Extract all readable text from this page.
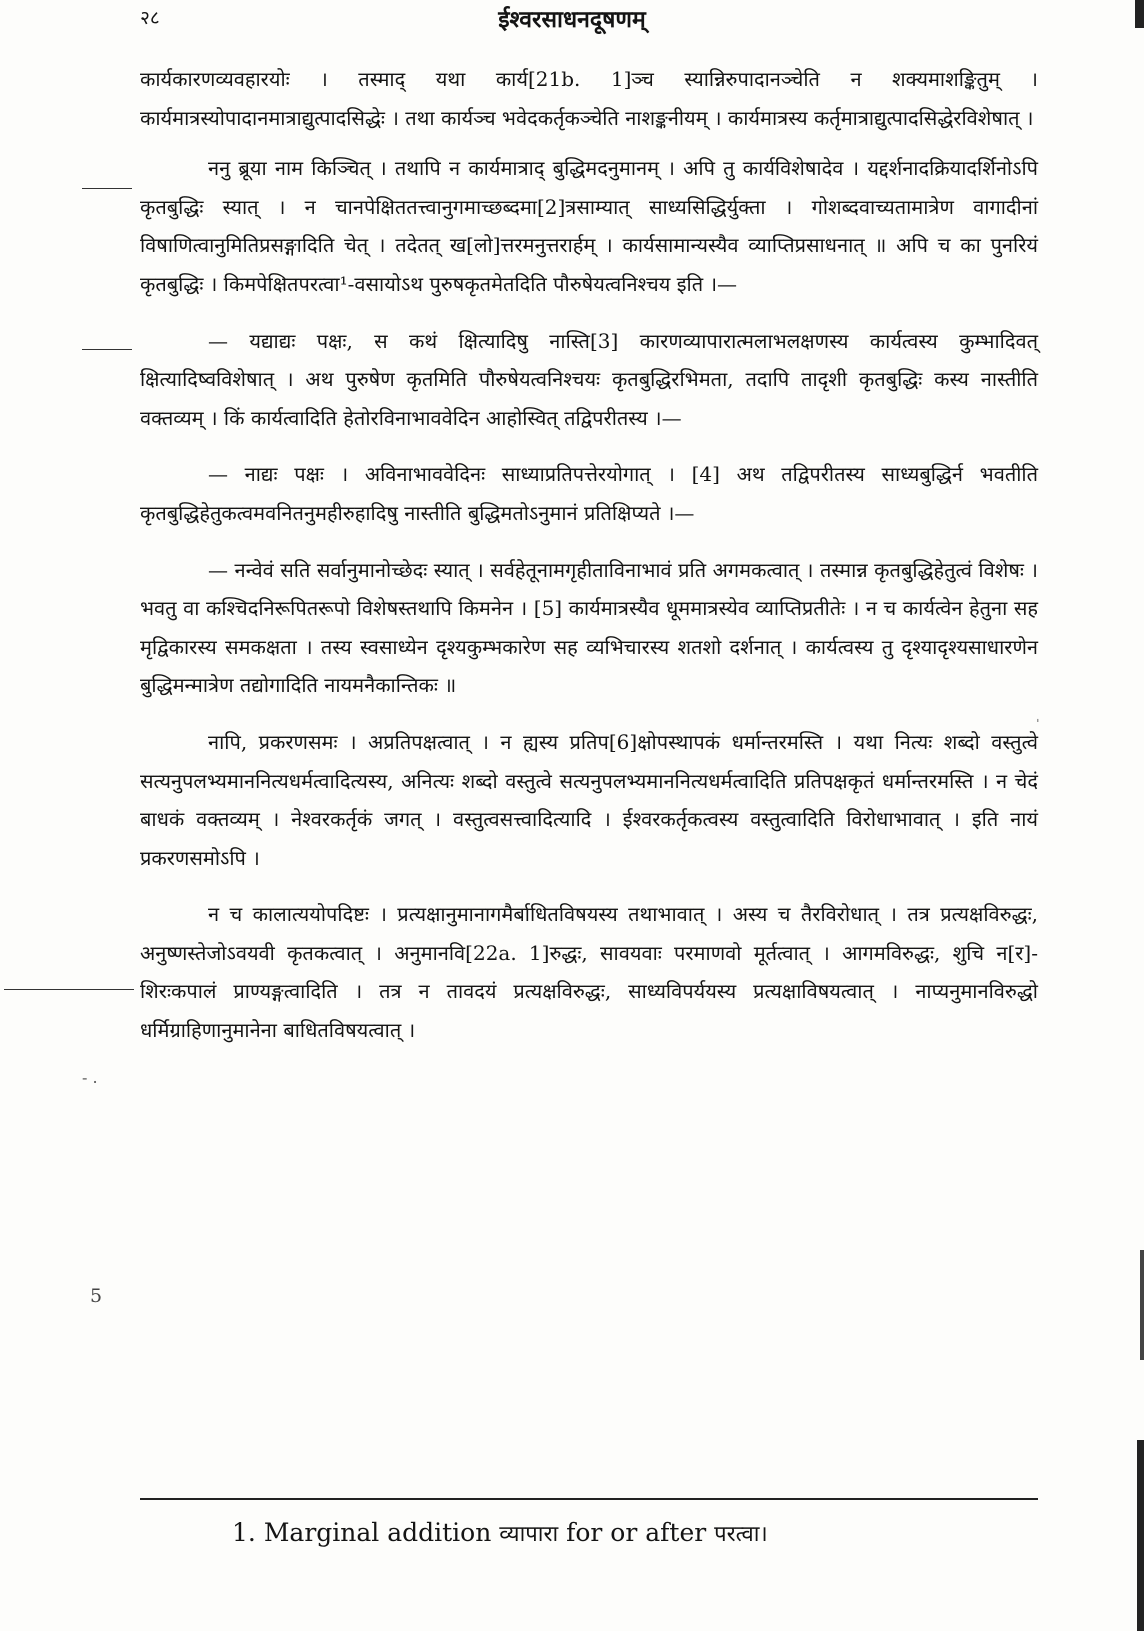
२८	ईश्वरसाधनदूषणम्
- .
5
ˈ

कार्यकारणव्यवहारयोः । तस्माद् यथा कार्य[21b. 1]ञ्च स्यान्निरुपादानञ्चेति न शक्यमाशङ्कितुम् । कार्यमात्रस्योपादानमात्राद्युत्पादसिद्धेः । तथा कार्यञ्च भवेदकर्तृकञ्चेति नाशङ्कनीयम् । कार्यमात्रस्य कर्तृमात्राद्युत्पादसिद्धेरविशेषात् ।

ननु ब्रूया नाम किञ्चित् । तथापि न कार्यमात्राद् बुद्धिमदनुमानम् । अपि तु कार्यविशेषादेव । यद्दर्शनादक्रियादर्शिनोऽपि कृतबुद्धिः स्यात् । न चानपेक्षिततत्त्वानुगमाच्छब्दमा[2]त्रसाम्यात् साध्यसिद्धिर्युक्ता । गोशब्दवाच्यतामात्रेण वागादीनां विषाणित्वानुमितिप्रसङ्गादिति चेत् । तदेतत् ख[लो]त्तरमनुत्तरार्हम् । कार्यसामान्यस्यैव व्याप्तिप्रसाधनात् ॥ अपि च का पुनरियं कृतबुद्धिः । किमपेक्षितपरत्वा¹-वसायोऽथ पुरुषकृतमेतदिति पौरुषेयत्वनिश्चय इति ।—

— यद्याद्यः पक्षः, स कथं क्षित्यादिषु नास्ति[3] कारणव्यापारात्मलाभलक्षणस्य कार्यत्वस्य कुम्भादिवत् क्षित्यादिष्वविशेषात् । अथ पुरुषेण कृतमिति पौरुषेयत्वनिश्चयः कृतबुद्धिरभिमता, तदापि तादृशी कृतबुद्धिः कस्य नास्तीति वक्तव्यम् । किं कार्यत्वादिति हेतोरविनाभाववेदिन आहोस्वित् तद्विपरीतस्य ।—

— नाद्यः पक्षः । अविनाभाववेदिनः साध्याप्रतिपत्तेरयोगात् । [4] अथ तद्विपरीतस्य साध्यबुद्धिर्न भवतीति कृतबुद्धिहेतुकत्वमवनितनुमहीरुहादिषु नास्तीति बुद्धिमतोऽनुमानं प्रतिक्षिप्यते ।—

— नन्वेवं सति सर्वानुमानोच्छेदः स्यात् । सर्वहेतूनामगृहीताविनाभावं प्रति अगमकत्वात् । तस्मान्न कृतबुद्धिहेतुत्वं विशेषः । भवतु वा कश्चिदनिरूपितरूपो विशेषस्तथापि किमनेन । [5] कार्यमात्रस्यैव धूममात्रस्येव व्याप्तिप्रतीतेः । न च कार्यत्वेन हेतुना सह मृद्विकारस्य समकक्षता । तस्य स्वसाध्येन दृश्यकुम्भकारेण सह व्यभिचारस्य शतशो दर्शनात् । कार्यत्वस्य तु दृश्यादृश्यसाधारणेन बुद्धिमन्मात्रेण तद्योगादिति नायमनैकान्तिकः ॥

नापि, प्रकरणसमः । अप्रतिपक्षत्वात् । न ह्यस्य प्रतिप[6]क्षोपस्थापकं धर्मान्तरमस्ति । यथा नित्यः शब्दो वस्तुत्वे सत्यनुपलभ्यमाननित्यधर्मत्वादित्यस्य, अनित्यः शब्दो वस्तुत्वे सत्यनुपलभ्यमाननित्यधर्मत्वादिति प्रतिपक्षकृतं धर्मान्तरमस्ति । न चेदं बाधकं वक्तव्यम् । नेश्वरकर्तृकं जगत् । वस्तुत्वसत्त्वादित्यादि । ईश्वरकर्तृकत्वस्य वस्तुत्वादिति विरोधाभावात् । इति नायं प्रकरणसमोऽपि ।

न च कालात्ययोपदिष्टः । प्रत्यक्षानुमानागमैर्बाधितविषयस्य तथाभावात् । अस्य च तैरविरोधात् । तत्र प्रत्यक्षविरुद्धः, अनुष्णस्तेजोऽवयवी कृतकत्वात् । अनुमानवि[22a. 1]रुद्धः, सावयवाः परमाणवो मूर्तत्वात् । आगमविरुद्धः, शुचि न[र]-शिरःकपालं प्राण्यङ्गत्वादिति । तत्र न तावदयं प्रत्यक्षविरुद्धः, साध्यविपर्ययस्य प्रत्यक्षाविषयत्वात् । नाप्यनुमानविरुद्धो धर्मिग्राहिणानुमानेना बाधितविषयत्वात् ।

1. Marginal addition व्यापारा for or after परत्वा।
